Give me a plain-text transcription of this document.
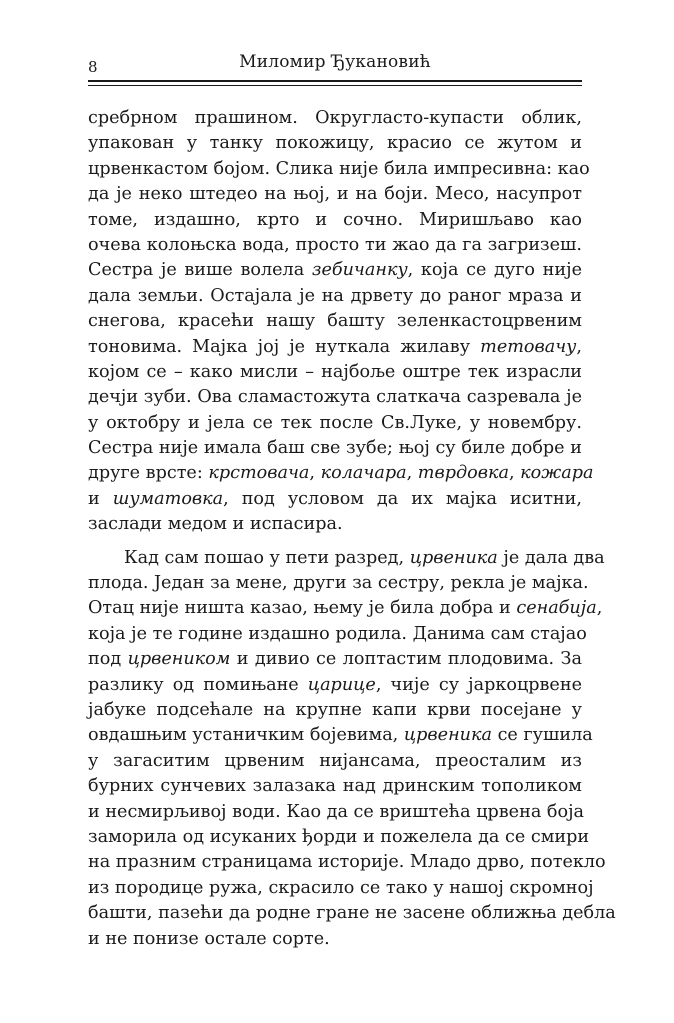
8	Миломир Ђукановић
сребрном прашином. Округласто-купасти облик,
упакован у танку покожицу, красио се жутом и
црвенкастом бојом. Слика није била импресивна: као
да је неко штедео на њој, и на боји. Месо, насупрот
томе, издашно, крто и сочно. Миришљаво као
очева колоњска вода, просто ти жао да га загризеш.
Сестра је више волела зебичанку, која се дуго није
дала земљи. Остајала је на дрвету до раног мраза и
снегова, красећи нашу башту зеленкастоцрвеним
тоновима. Мајка јој је нуткала жилаву тетовачу,
којом се – како мисли – најбоље оштре тек израсли
дечји зуби. Ова сламастожута слаткача сазревала је
у октобру и јела се тек после Св.Луке, у новембру.
Сестра није имала баш све зубе; њој су биле добре и
друге врсте: крстовача, колачара, тврдовка, кожара
и шуматовка, под условом да их мајка иситни,
заслади медом и испасира.
Кад сам пошао у пети разред, црвеника је дала два
плода. Један за мене, други за сестру, рекла је мајка.
Отац није ништа казао, њему је била добра и сенабија,
која је те године издашно родила. Данима сам стајао
под црвеником и дивио се лоптастим плодовима. За
разлику од помињане царице, чије су јаркоцрвене
јабуке подсећале на крупне капи крви посејане у
овдашњим устаничким бојевима, црвеника се гушила
у загаситим црвеним нијансама, преосталим из
бурних сунчевих залазака над дринским тополиком
и несмирљивој води. Као да се вриштећа црвена боја
заморила од исуканих ђорди и пожелела да се смири
на празним страницама историје. Младо дрво, потекло
из породице ружа, скрасило се тако у нашој скромној
башти, пазећи да родне гране не засене оближња дебла
и не понизе остале сорте.
